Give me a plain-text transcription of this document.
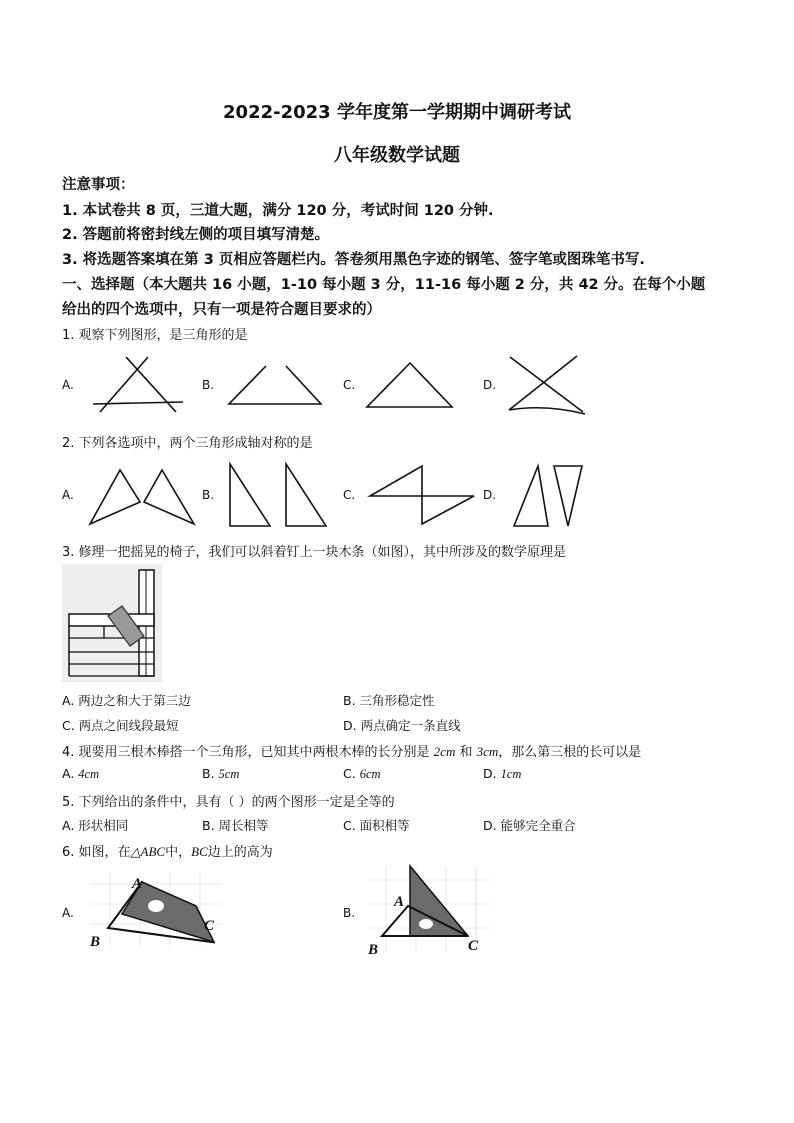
2022-2023 学年度第一学期期中调研考试
八年级数学试题
注意事项：
1. 本试卷共 8 页，三道大题，满分 120 分，考试时间 120 分钟.
2. 答题前将密封线左侧的项目填写清楚。
3. 将选题答案填在第 3 页相应答题栏内。答卷须用黑色字迹的钢笔、签字笔或图珠笔书写.
一、选择题（本大题共 16 小题，1-10 每小题 3 分，11-16 每小题 2 分，共 42 分。在每个小题
给出的四个选项中，只有一项是符合题目要求的）
1. 观察下列图形，是三角形的是
A.	B.	C.	D.
2. 下列各选项中，两个三角形成轴对称的是
A.	B.	C.	D.
3. 修理一把摇晃的椅子，我们可以斜着钉上一块木条（如图），其中所涉及的数学原理是
A. 两边之和大于第三边	B. 三角形稳定性
C. 两点之间线段最短	D. 两点确定一条直线
4. 现要用三根木棒搭一个三角形，已知其中两根木棒的长分别是 2cm 和 3cm，那么第三根的长可以是
A. 4cm	B. 5cm	C. 6cm	D. 1cm
5. 下列给出的条件中，具有（ ）的两个图形一定是全等的
A. 形状相同	B. 周长相等	C. 面积相等	D. 能够完全重合
6. 如图，在△ABC中，BC边上的高为
A.	B.
A
B
C
A
B	C
